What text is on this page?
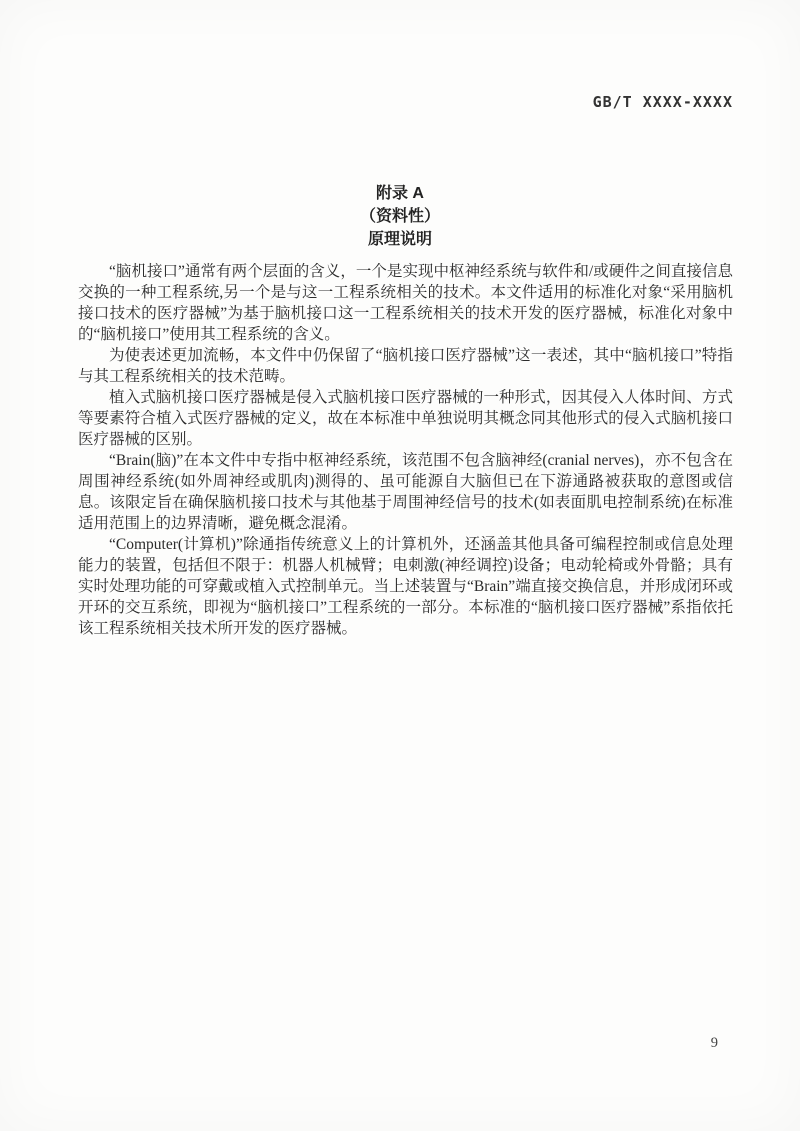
GB/T XXXX-XXXX
附录 A
（资料性）
原理说明

“脑机接口”通常有两个层面的含义，一个是实现中枢神经系统与软件和/或硬件之间直接信息交换的一种工程系统,另一个是与这一工程系统相关的技术。本文件适用的标准化对象“采用脑机接口技术的医疗器械”为基于脑机接口这一工程系统相关的技术开发的医疗器械，标准化对象中的“脑机接口”使用其工程系统的含义。

为使表述更加流畅，本文件中仍保留了“脑机接口医疗器械”这一表述，其中“脑机接口”特指与其工程系统相关的技术范畴。

植入式脑机接口医疗器械是侵入式脑机接口医疗器械的一种形式，因其侵入人体时间、方式等要素符合植入式医疗器械的定义，故在本标准中单独说明其概念同其他形式的侵入式脑机接口医疗器械的区别。

“Brain(脑)”在本文件中专指中枢神经系统，该范围不包含脑神经(cranial nerves)，亦不包含在周围神经系统(如外周神经或肌肉)测得的、虽可能源自大脑但已在下游通路被获取的意图或信息。该限定旨在确保脑机接口技术与其他基于周围神经信号的技术(如表面肌电控制系统)在标准适用范围上的边界清晰，避免概念混淆。

“Computer(计算机)”除通指传统意义上的计算机外，还涵盖其他具备可编程控制或信息处理能力的装置，包括但不限于：机器人机械臂；电刺激(神经调控)设备；电动轮椅或外骨骼；具有实时处理功能的可穿戴或植入式控制单元。当上述装置与“Brain”端直接交换信息，并形成闭环或开环的交互系统，即视为“脑机接口”工程系统的一部分。本标准的“脑机接口医疗器械”系指依托该工程系统相关技术所开发的医疗器械。

9
